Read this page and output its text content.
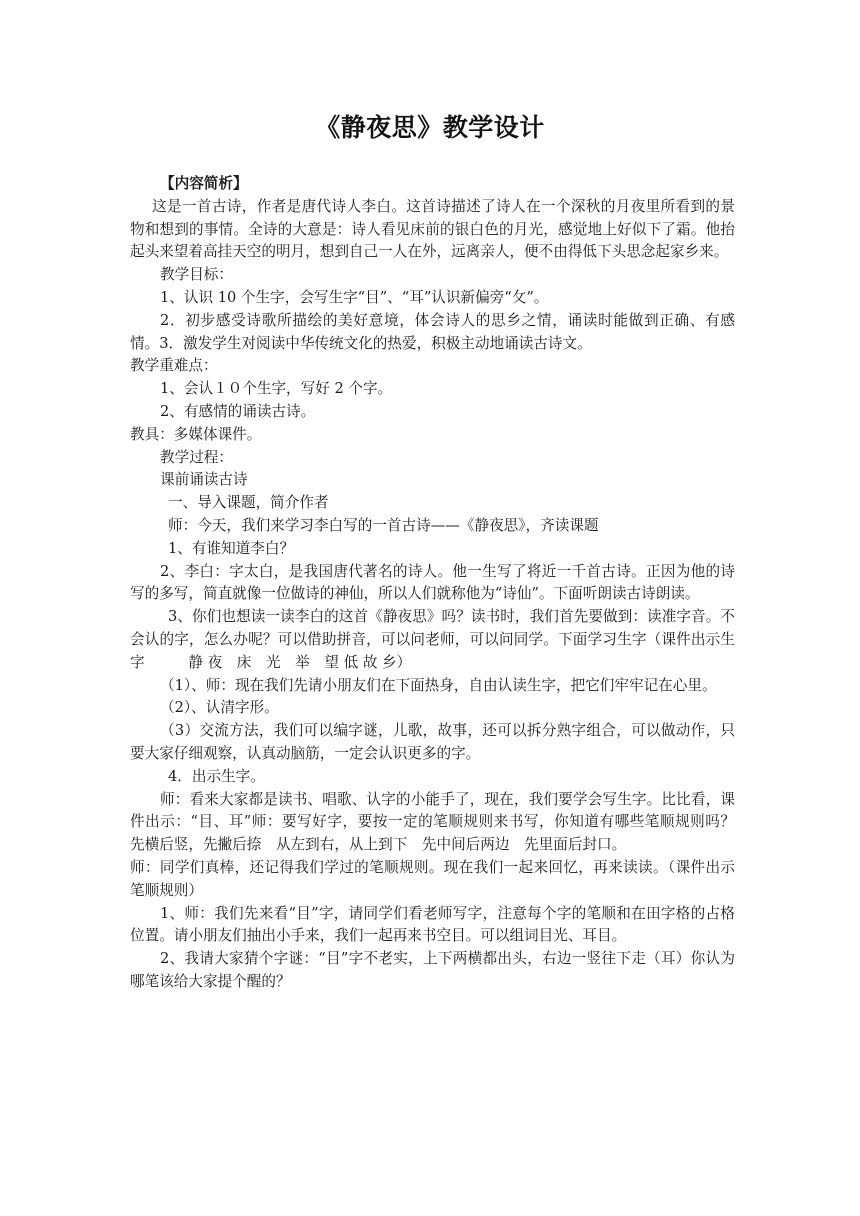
《静夜思》教学设计

【内容简析】

这是一首古诗，作者是唐代诗人李白。这首诗描述了诗人在一个深秋的月夜里所看到的景物和想到的事情。全诗的大意是：诗人看见床前的银白色的月光，感觉地上好似下了霜。他抬起头来望着高挂天空的明月，想到自己一人在外，远离亲人，便不由得低下头思念起家乡来。

教学目标：

1、认识 10 个生字，会写生字“目”、“耳”认识新偏旁“攵”。

2．初步感受诗歌所描绘的美好意境，体会诗人的思乡之情，诵读时能做到正确、有感情。3．激发学生对阅读中华传统文化的热爱，积极主动地诵读古诗文。

教学重难点：

1、会认１０个生字，写好 2 个字。

2、有感情的诵读古诗。

教具：多媒体课件。

教学过程：

课前诵读古诗

一、导入课题，简介作者

师：今天，我们来学习李白写的一首古诗——《静夜思》，齐读课题

1、有谁知道李白？

2、李白：字太白，是我国唐代著名的诗人。他一生写了将近一千首古诗。正因为他的诗写的多写，简直就像一位做诗的神仙，所以人们就称他为“诗仙”。下面听朗读古诗朗读。

3、你们也想读一读李白的这首《静夜思》吗？读书时，我们首先要做到：读准字音。不会认的字，怎么办呢？可以借助拼音，可以问老师，可以问同学。下面学习生字（课件出示生字　　　静 夜　床　光　举　望 低 故 乡）

（1）、师：现在我们先请小朋友们在下面热身，自由认读生字，把它们牢牢记在心里。

（2）、认清字形。

（3）交流方法，我们可以编字谜，儿歌，故事，还可以拆分熟字组合，可以做动作，只要大家仔细观察，认真动脑筋，一定会认识更多的字。

4．出示生字。

师：看来大家都是读书、唱歌、认字的小能手了，现在，我们要学会写生字。比比看，课件出示：“目、耳”师：要写好字，要按一定的笔顺规则来书写，你知道有哪些笔顺规则吗？　先横后竖，先撇后捺　从左到右，从上到下　先中间后两边　先里面后封口。

师：同学们真棒，还记得我们学过的笔顺规则。现在我们一起来回忆，再来读读。（课件出示笔顺规则）

1、师：我们先来看“目”字，请同学们看老师写字，注意每个字的笔顺和在田字格的占格位置。请小朋友们抽出小手来，我们一起再来书空目。可以组词目光、耳目。

2、我请大家猜个字谜：“目”字不老实，上下两横都出头，右边一竖往下走（耳）你认为哪笔该给大家提个醒的？
